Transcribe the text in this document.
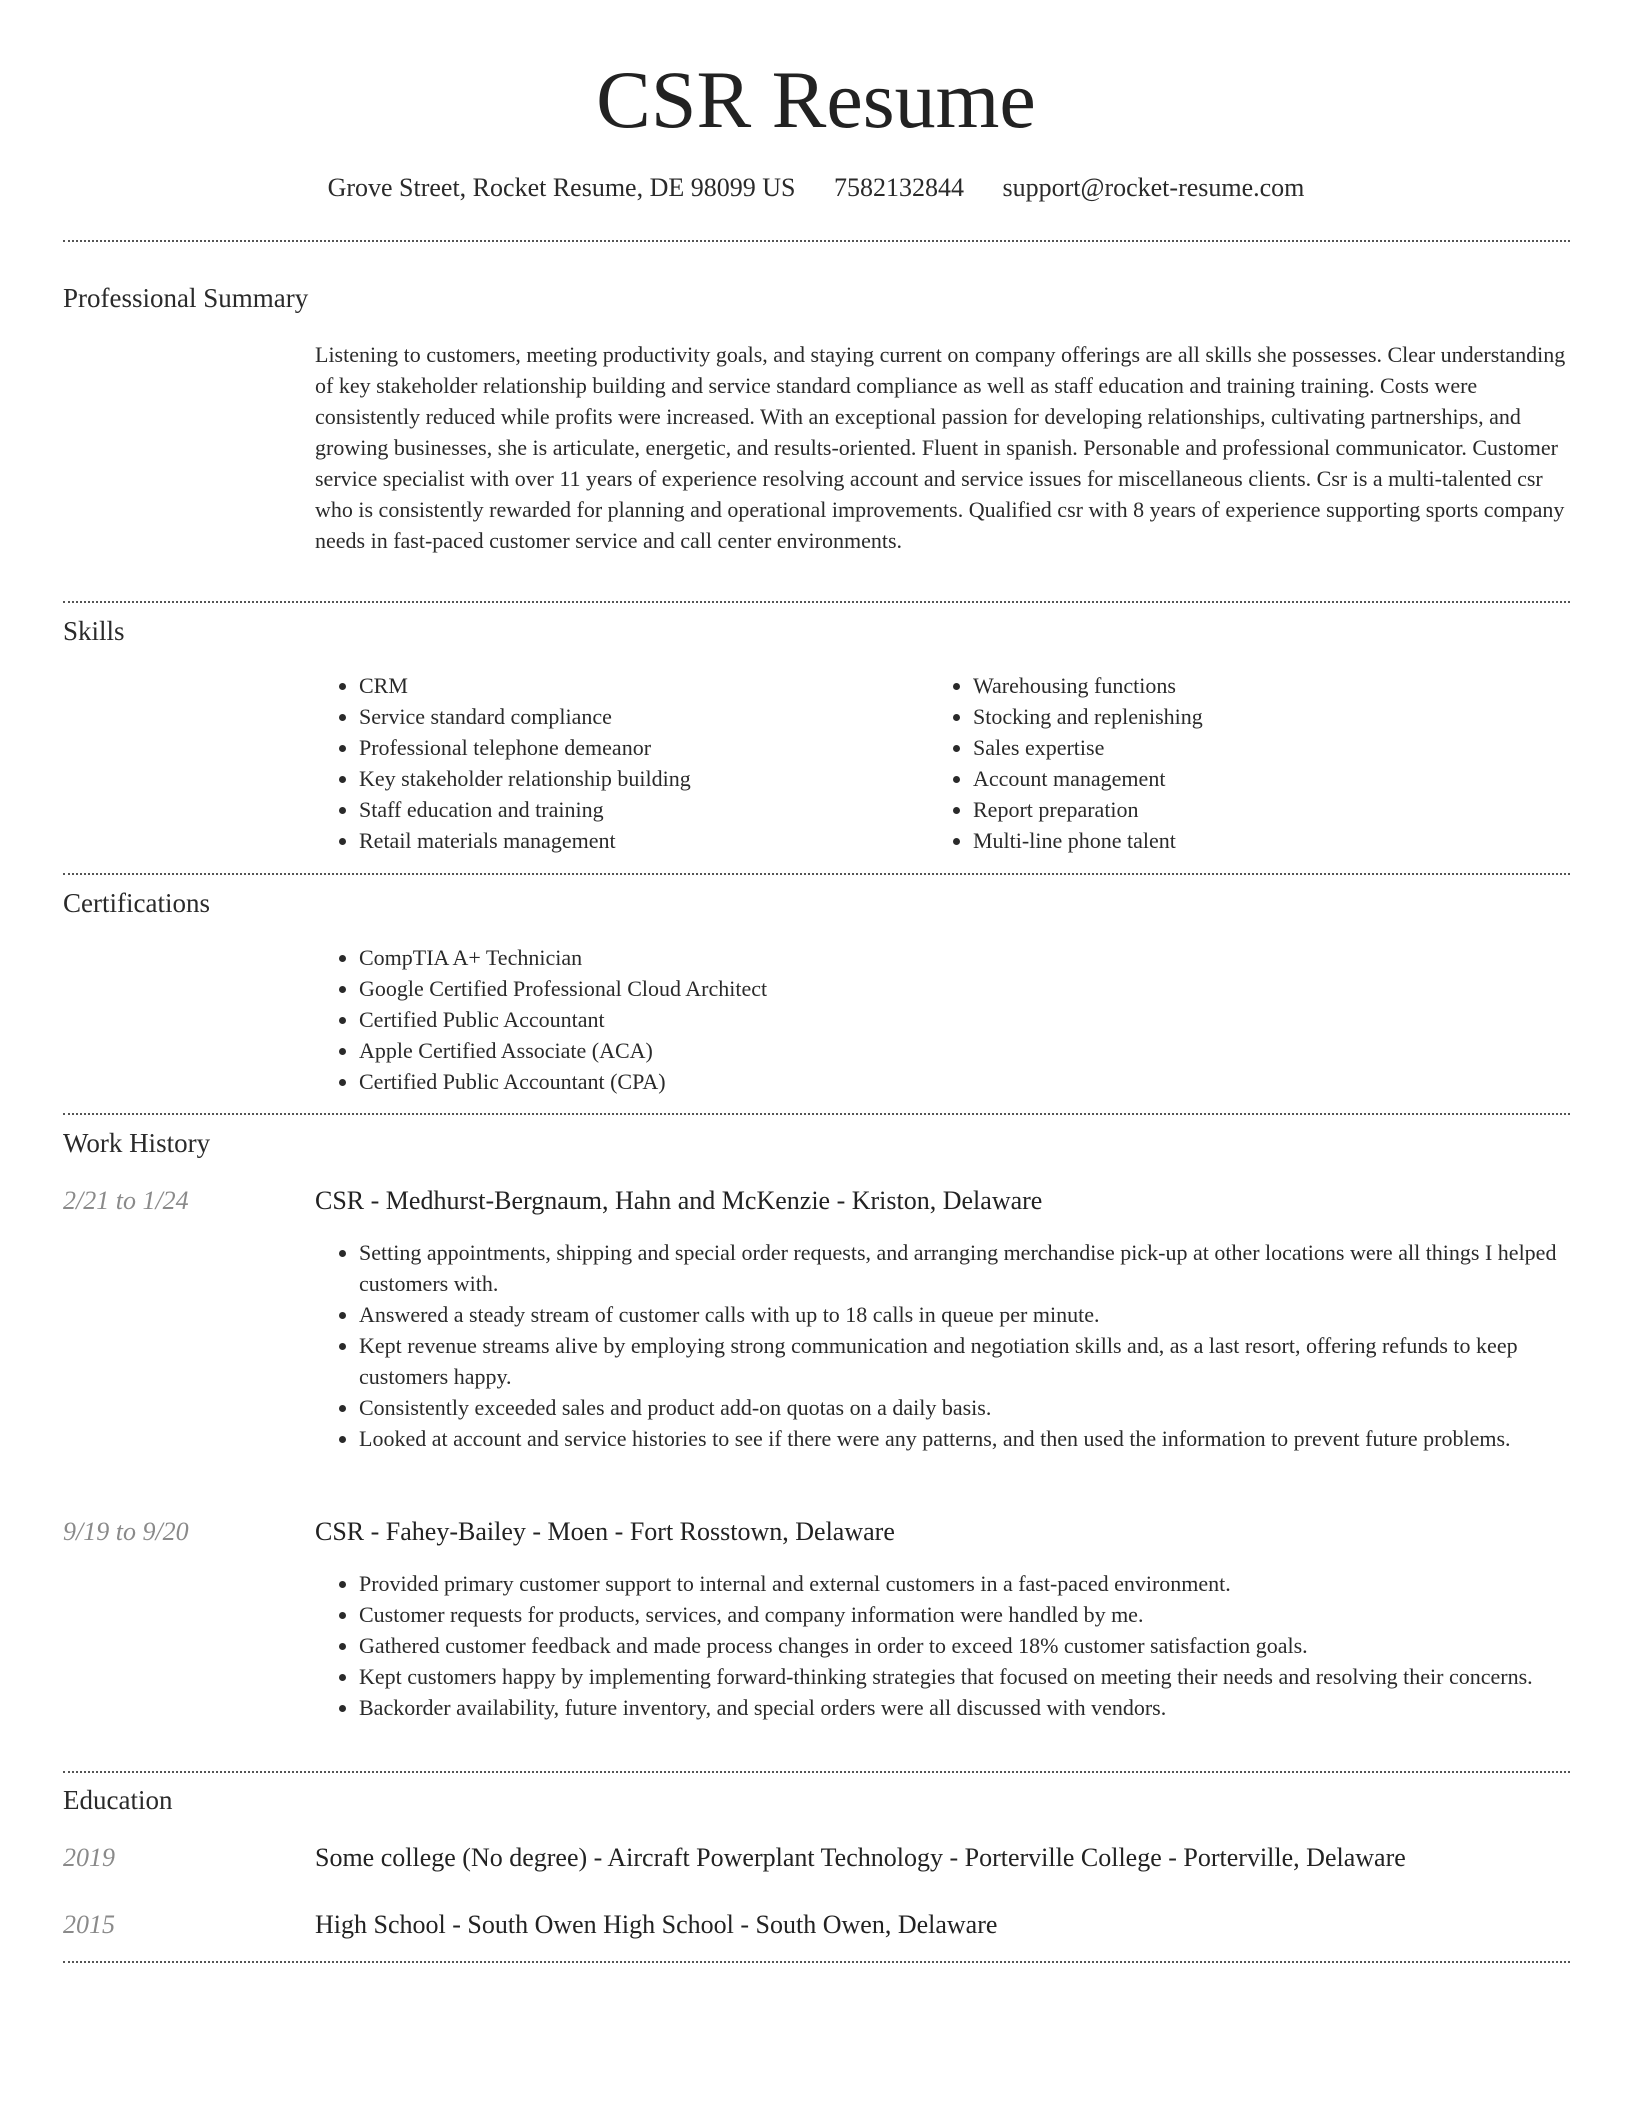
CSR Resume
Grove Street, Rocket Resume, DE 98099 US 7582132844 support@rocket-resume.com
Professional Summary
Listening to customers, meeting productivity goals, and staying current on company offerings are all skills she possesses. Clear understanding of key stakeholder relationship building and service standard compliance as well as staff education and training training. Costs were consistently reduced while profits were increased. With an exceptional passion for developing relationships, cultivating partnerships, and growing businesses, she is articulate, energetic, and results-oriented. Fluent in spanish. Personable and professional communicator. Customer service specialist with over 11 years of experience resolving account and service issues for miscellaneous clients. Csr is a multi-talented csr who is consistently rewarded for planning and operational improvements. Qualified csr with 8 years of experience supporting sports company needs in fast-paced customer service and call center environments.
Skills
• CRM
• Service standard compliance
• Professional telephone demeanor
• Key stakeholder relationship building
• Staff education and training
• Retail materials management
• Warehousing functions
• Stocking and replenishing
• Sales expertise
• Account management
• Report preparation
• Multi-line phone talent
Certifications
• CompTIA A+ Technician
• Google Certified Professional Cloud Architect
• Certified Public Accountant
• Apple Certified Associate (ACA)
• Certified Public Accountant (CPA)
Work History
2/21 to 1/24	CSR - Medhurst-Bergnaum, Hahn and McKenzie - Kriston, Delaware
• Setting appointments, shipping and special order requests, and arranging merchandise pick-up at other locations were all things I helped customers with.
• Answered a steady stream of customer calls with up to 18 calls in queue per minute.
• Kept revenue streams alive by employing strong communication and negotiation skills and, as a last resort, offering refunds to keep customers happy.
• Consistently exceeded sales and product add-on quotas on a daily basis.
• Looked at account and service histories to see if there were any patterns, and then used the information to prevent future problems.
9/19 to 9/20	CSR - Fahey-Bailey - Moen - Fort Rosstown, Delaware
• Provided primary customer support to internal and external customers in a fast-paced environment.
• Customer requests for products, services, and company information were handled by me.
• Gathered customer feedback and made process changes in order to exceed 18% customer satisfaction goals.
• Kept customers happy by implementing forward-thinking strategies that focused on meeting their needs and resolving their concerns.
• Backorder availability, future inventory, and special orders were all discussed with vendors.
Education
2019	Some college (No degree) - Aircraft Powerplant Technology - Porterville College - Porterville, Delaware
2015	High School - South Owen High School - South Owen, Delaware
